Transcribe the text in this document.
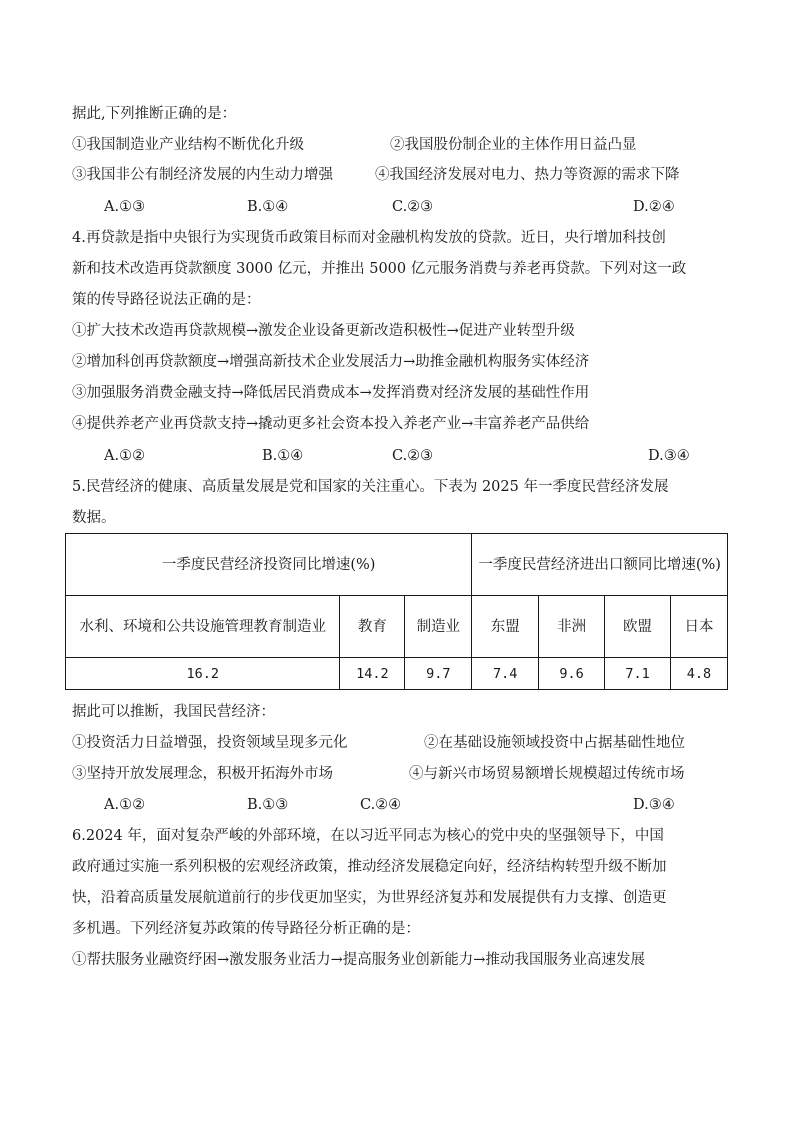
据此,下列推断正确的是：
①我国制造业产业结构不断优化升级	②我国股份制企业的主体作用日益凸显
③我国非公有制经济发展的内生动力增强	④我国经济发展对电力、热力等资源的需求下降
A.①③	B.①④	C.②③	D.②④
4.再贷款是指中央银行为实现货币政策目标而对金融机构发放的贷款。近日，央行增加科技创
新和技术改造再贷款额度 3000 亿元，并推出 5000 亿元服务消费与养老再贷款。下列对这一政
策的传导路径说法正确的是：
①扩大技术改造再贷款规模→激发企业设备更新改造积极性→促进产业转型升级
②增加科创再贷款额度→增强高新技术企业发展活力→助推金融机构服务实体经济
③加强服务消费金融支持→降低居民消费成本→发挥消费对经济发展的基础性作用
④提供养老产业再贷款支持→撬动更多社会资本投入养老产业→丰富养老产品供给
A.①②	B.①④	C.②③	D.③④
5.民营经济的健康、高质量发展是党和国家的关注重心。下表为 2025 年一季度民营经济发展
数据。
一季度民营经济投资同比增速(%)			一季度民营经济进出口额同比增速(%)			
水利、环境和公共设施管理教育制造业	教育	制造业	东盟	非洲	欧盟	日本
16.2	14.2	9.7	7.4	9.6	7.1	4.8
据此可以推断，我国民营经济：
①投资活力日益增强，投资领域呈现多元化	②在基础设施领域投资中占据基础性地位
③坚持开放发展理念，积极开拓海外市场	④与新兴市场贸易额增长规模超过传统市场
A.①②	B.①③	C.②④	D.③④
6.2024 年，面对复杂严峻的外部环境，在以习近平同志为核心的党中央的坚强领导下，中国
政府通过实施一系列积极的宏观经济政策，推动经济发展稳定向好，经济结构转型升级不断加
快，沿着高质量发展航道前行的步伐更加坚实，为世界经济复苏和发展提供有力支撑、创造更
多机遇。下列经济复苏政策的传导路径分析正确的是：
①帮扶服务业融资纾困→激发服务业活力→提高服务业创新能力→推动我国服务业高速发展
